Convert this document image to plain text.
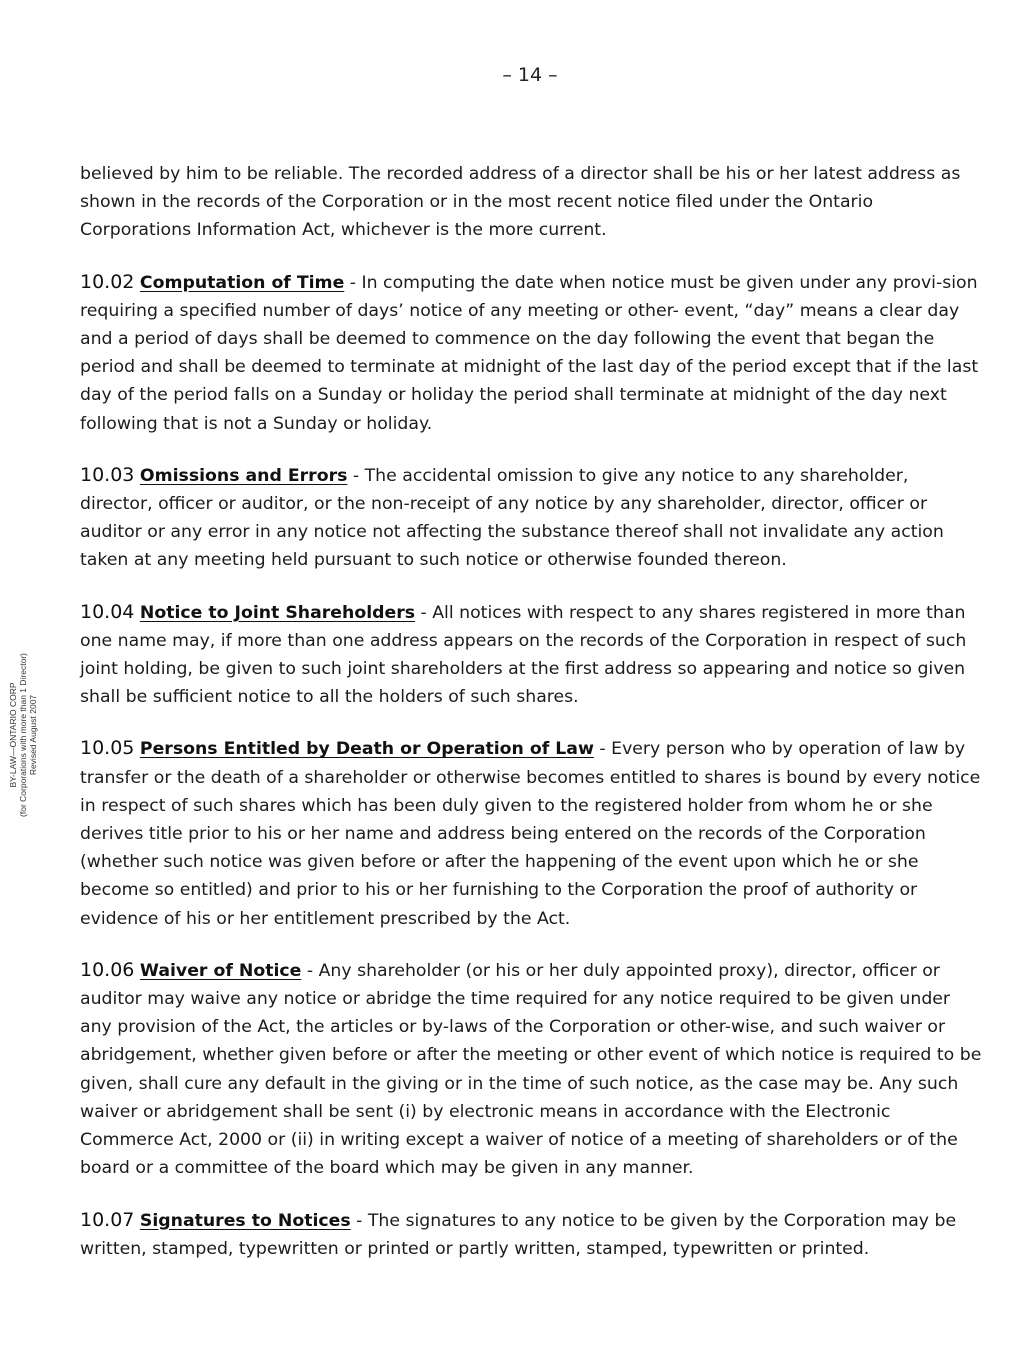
– 14 –
BY-LAW—ONTARIO CORP (for Corporations with more than 1 Director) Revised August 2007

believed by him to be reliable. The recorded address of a director shall be his or her latest address as shown in the records of the Corporation or in the most recent notice filed under the Ontario Corporations Information Act, whichever is the more current.

10.02 Computation of Time - In computing the date when notice must be given under any provi-sion requiring a specified number of days’ notice of any meeting or other- event, “day” means a clear day and a period of days shall be deemed to commence on the day following the event that began the period and shall be deemed to terminate at midnight of the last day of the period except that if the last day of the period falls on a Sunday or holiday the period shall terminate at midnight of the day next following that is not a Sunday or holiday.

10.03 Omissions and Errors - The accidental omission to give any notice to any shareholder, director, officer or auditor, or the non-receipt of any notice by any shareholder, director, officer or auditor or any error in any notice not affecting the substance thereof shall not invalidate any action taken at any meeting held pursuant to such notice or otherwise founded thereon.

10.04 Notice to Joint Shareholders - All notices with respect to any shares registered in more than one name may, if more than one address appears on the records of the Corporation in respect of such joint holding, be given to such joint shareholders at the first address so appearing and notice so given shall be sufficient notice to all the holders of such shares.

10.05 Persons Entitled by Death or Operation of Law - Every person who by operation of law by transfer or the death of a shareholder or otherwise becomes entitled to shares is bound by every notice in respect of such shares which has been duly given to the registered holder from whom he or she derives title prior to his or her name and address being entered on the records of the Corporation (whether such notice was given before or after the happening of the event upon which he or she become so entitled) and prior to his or her furnishing to the Corporation the proof of authority or evidence of his or her entitlement prescribed by the Act.

10.06 Waiver of Notice - Any shareholder (or his or her duly appointed proxy), director, officer or auditor may waive any notice or abridge the time required for any notice required to be given under any provision of the Act, the articles or by-laws of the Corporation or other-wise, and such waiver or abridgement, whether given before or after the meeting or other event of which notice is required to be given, shall cure any default in the giving or in the time of such notice, as the case may be. Any such waiver or abridgement shall be sent (i) by electronic means in accordance with the Electronic Commerce Act, 2000 or (ii) in writing except a waiver of notice of a meeting of shareholders or of the board or a committee of the board which may be given in any manner.

10.07 Signatures to Notices - The signatures to any notice to be given by the Corporation may be written, stamped, typewritten or printed or partly written, stamped, typewritten or printed.
